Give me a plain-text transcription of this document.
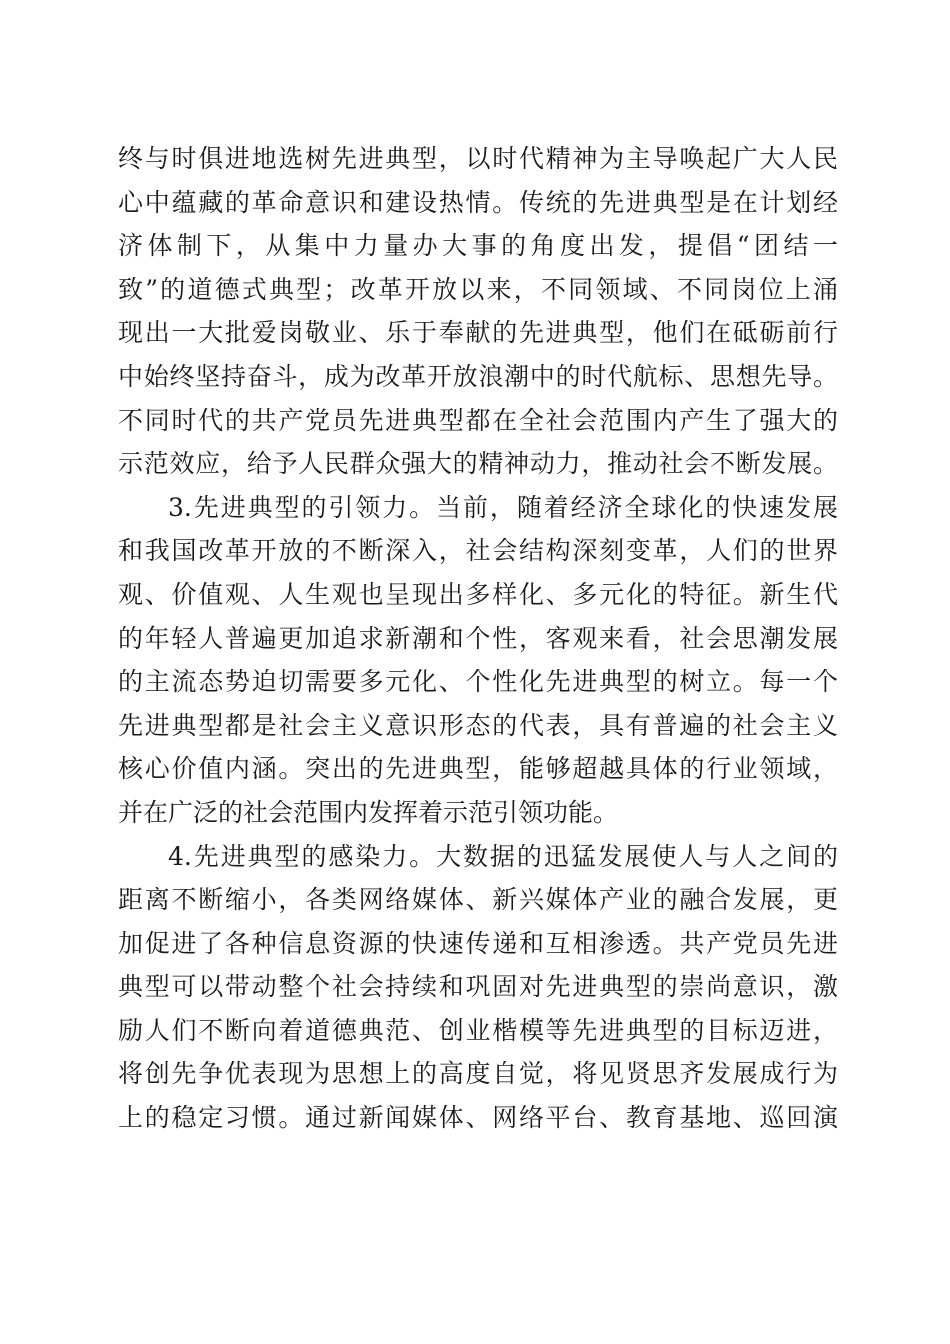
终与时俱进地选树先进典型，以时代精神为主导唤起广大人民
心中蕴藏的革命意识和建设热情。传统的先进典型是在计划经
济体制下，从集中力量办大事的角度出发，提倡“团结一
致”的道德式典型；改革开放以来，不同领域、不同岗位上涌
现出一大批爱岗敬业、乐于奉献的先进典型，他们在砥砺前行
中始终坚持奋斗，成为改革开放浪潮中的时代航标、思想先导。
不同时代的共产党员先进典型都在全社会范围内产生了强大的
示范效应，给予人民群众强大的精神动力，推动社会不断发展。
3.先进典型的引领力。当前，随着经济全球化的快速发展
和我国改革开放的不断深入，社会结构深刻变革，人们的世界
观、价值观、人生观也呈现出多样化、多元化的特征。新生代
的年轻人普遍更加追求新潮和个性，客观来看，社会思潮发展
的主流态势迫切需要多元化、个性化先进典型的树立。每一个
先进典型都是社会主义意识形态的代表，具有普遍的社会主义
核心价值内涵。突出的先进典型，能够超越具体的行业领域，
并在广泛的社会范围内发挥着示范引领功能。
4.先进典型的感染力。大数据的迅猛发展使人与人之间的
距离不断缩小，各类网络媒体、新兴媒体产业的融合发展，更
加促进了各种信息资源的快速传递和互相渗透。共产党员先进
典型可以带动整个社会持续和巩固对先进典型的崇尚意识，激
励人们不断向着道德典范、创业楷模等先进典型的目标迈进，
将创先争优表现为思想上的高度自觉，将见贤思齐发展成行为
上的稳定习惯。通过新闻媒体、网络平台、教育基地、巡回演
